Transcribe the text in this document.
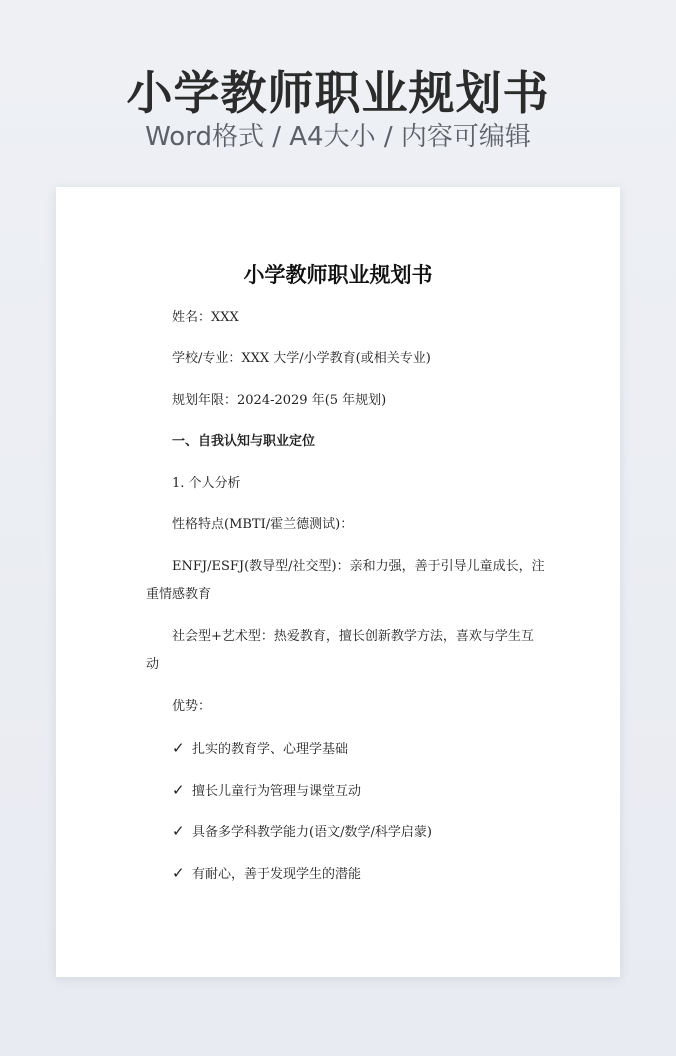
小学教师职业规划书
Word格式 / A4大小 / 内容可编辑
小学教师职业规划书
姓名：XXX
学校/专业：XXX 大学/小学教育(或相关专业)
规划年限：2024-2029 年(5 年规划)
一、自我认知与职业定位
1. 个人分析
性格特点(MBTI/霍兰德测试)：
ENFJ/ESFJ(教导型/社交型)：亲和力强，善于引导儿童成长，注
重情感教育
社会型+艺术型：热爱教育，擅长创新教学方法，喜欢与学生互
动
优势：
✓ 扎实的教育学、心理学基础
✓ 擅长儿童行为管理与课堂互动
✓ 具备多学科教学能力(语文/数学/科学启蒙)
✓ 有耐心，善于发现学生的潜能
